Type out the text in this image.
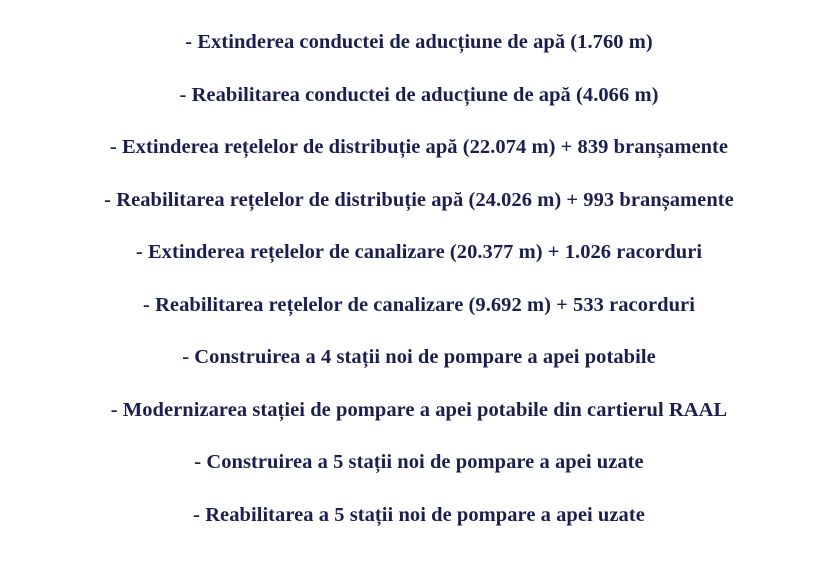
- Extinderea conductei de aducțiune de apă (1.760 m)
- Reabilitarea conductei de aducțiune de apă (4.066 m)
- Extinderea rețelelor de distribuție apă (22.074 m) + 839 branșamente
- Reabilitarea rețelelor de distribuție apă (24.026 m) + 993 branșamente
- Extinderea rețelelor de canalizare (20.377 m) + 1.026 racorduri
- Reabilitarea rețelelor de canalizare (9.692 m) + 533 racorduri
- Construirea a 4 stații noi de pompare a apei potabile
- Modernizarea stației de pompare a apei potabile din cartierul RAAL
- Construirea a 5 stații noi de pompare a apei uzate
- Reabilitarea a 5 stații noi de pompare a apei uzate
